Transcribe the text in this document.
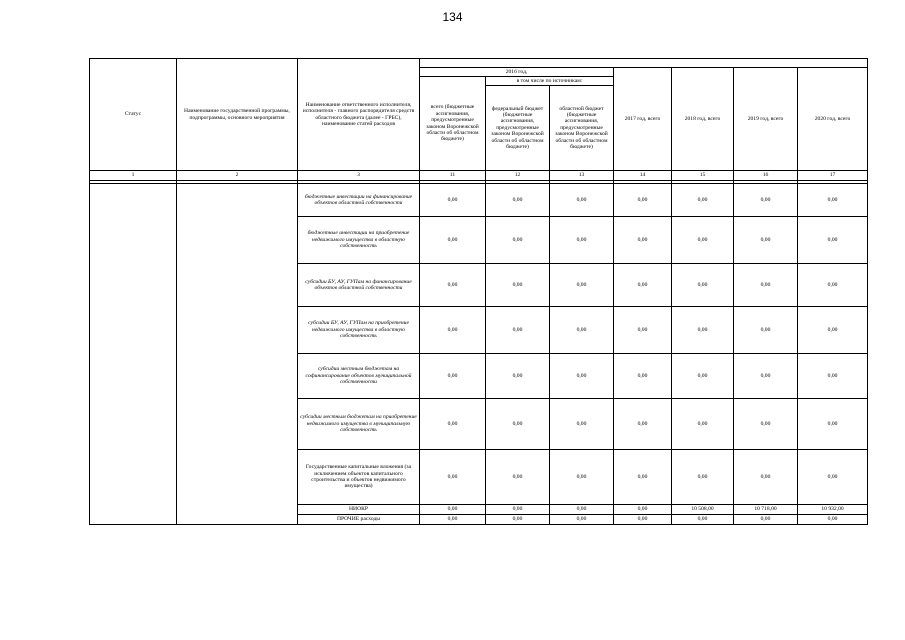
134
Статус	Наименование государственной программы, подпрограммы, основного мероприятия	Наименование ответственного исполнителя, исполнителя - главного распорядителя средств областного бюджета (далее - ГРБС), наименование статей расходов							
			2016 год,			2017 год, всего	2018 год, всего	2019 год, всего	2020 год, всего
			всего (бюджетные ассигнования, предусмотренные законом Воронежской области об областном бюджете)	в том числе по источникам:					
				федеральный бюджет (бюджетные ассигнования, предусмотренные законом Воронежской области об областном бюджете)	областной бюджет (бюджетные ассигнования, предусмотренные законом Воронежской области об областном бюджете)				
1	2	3	11	12	13	14	15	16	17

		бюджетные инвестиции на финансирование объектов областной собственности	0,00	0,00	0,00	0,00	0,00	0,00	0,00
		бюджетные инвестиции на приобретение недвижимого имущества в областную собственность	0,00	0,00	0,00	0,00	0,00	0,00	0,00
		субсидии БУ, АУ, ГУПам на финансирование объектов областной собственности	0,00	0,00	0,00	0,00	0,00	0,00	0,00
		субсидии БУ, АУ, ГУПам на приобретение недвижимого имущества в областную собственность	0,00	0,00	0,00	0,00	0,00	0,00	0,00
		субсидии местным бюджетам на софинансирование объектов муниципальной собственности	0,00	0,00	0,00	0,00	0,00	0,00	0,00
		субсидии местным бюджетам на приобретение недвижимого имущества в муниципальную собственность	0,00	0,00	0,00	0,00	0,00	0,00	0,00
		Государственные капитальные вложения (за исключением объектов капитального строительства и объектов недвижимого имущества)	0,00	0,00	0,00	0,00	0,00	0,00	0,00
		НИОКР	0,00	0,00	0,00	0,00	10 508,00	10 718,00	10 932,00
		ПРОЧИЕ расходы	0,00	0,00	0,00	0,00	0,00	0,00	0,00
